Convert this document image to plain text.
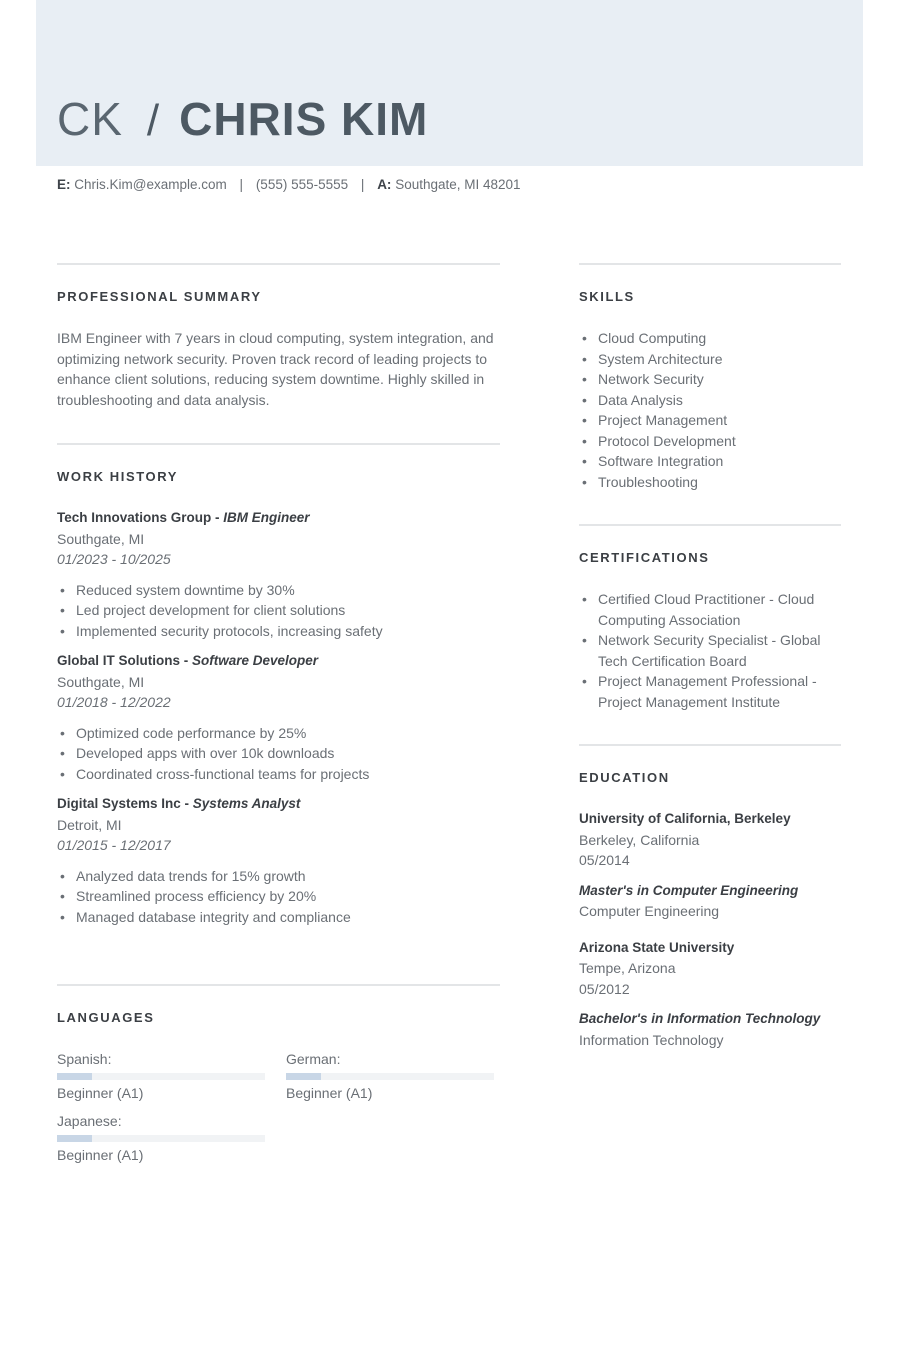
CK / CHRIS KIM
E: Chris.Kim@example.com | (555) 555-5555 | A: Southgate, MI 48201
PROFESSIONAL SUMMARY

IBM Engineer with 7 years in cloud computing, system integration, and optimizing network security. Proven track record of leading projects to enhance client solutions, reducing system downtime. Highly skilled in troubleshooting and data analysis.

WORK HISTORY
Tech Innovations Group - IBM Engineer
Southgate, MI
01/2023 - 10/2025
• Reduced system downtime by 30%
• Led project development for client solutions
• Implemented security protocols, increasing safety
Global IT Solutions - Software Developer
Southgate, MI
01/2018 - 12/2022
• Optimized code performance by 25%
• Developed apps with over 10k downloads
• Coordinated cross-functional teams for projects
Digital Systems Inc - Systems Analyst
Detroit, MI
01/2015 - 12/2017
• Analyzed data trends for 15% growth
• Streamlined process efficiency by 20%
• Managed database integrity and compliance
LANGUAGES
Spanish:
Beginner (A1)
German:
Beginner (A1)
Japanese:
Beginner (A1)
SKILLS
• Cloud Computing
• System Architecture
• Network Security
• Data Analysis
• Project Management
• Protocol Development
• Software Integration
• Troubleshooting
CERTIFICATIONS
• Certified Cloud Practitioner - Cloud Computing Association
• Network Security Specialist - Global Tech Certification Board
• Project Management Professional - Project Management Institute
EDUCATION
University of California, Berkeley
Berkeley, California
05/2014
Master's in Computer Engineering
Computer Engineering
Arizona State University
Tempe, Arizona
05/2012
Bachelor's in Information Technology
Information Technology
